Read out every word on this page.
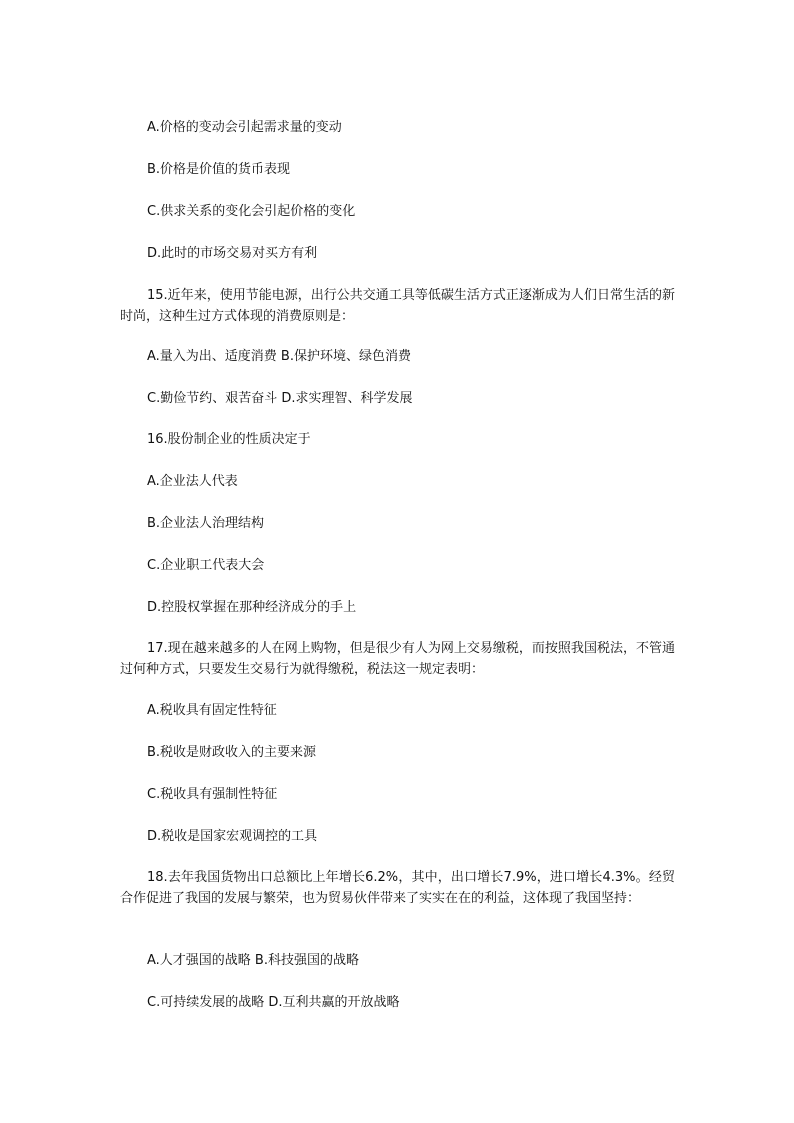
A.价格的变动会引起需求量的变动
B.价格是价值的货币表现
C.供求关系的变化会引起价格的变化
D.此时的市场交易对买方有利
15.近年来，使用节能电源，出行公共交通工具等低碳生活方式正逐渐成为人们日常生活的新时尚，这种生过方式体现的消费原则是：
A.量入为出、适度消费 B.保护环境、绿色消费
C.勤俭节约、艰苦奋斗 D.求实理智、科学发展
16.股份制企业的性质决定于
A.企业法人代表
B.企业法人治理结构
C.企业职工代表大会
D.控股权掌握在那种经济成分的手上
17.现在越来越多的人在网上购物，但是很少有人为网上交易缴税，而按照我国税法，不管通过何种方式，只要发生交易行为就得缴税，税法这一规定表明：
A.税收具有固定性特征
B.税收是财政收入的主要来源
C.税收具有强制性特征
D.税收是国家宏观调控的工具
18.去年我国货物出口总额比上年增长6.2%，其中，出口增长7.9%，进口增长4.3%。经贸合作促进了我国的发展与繁荣，也为贸易伙伴带来了实实在在的利益，这体现了我国坚持：
A.人才强国的战略 B.科技强国的战略
C.可持续发展的战略 D.互利共赢的开放战略
